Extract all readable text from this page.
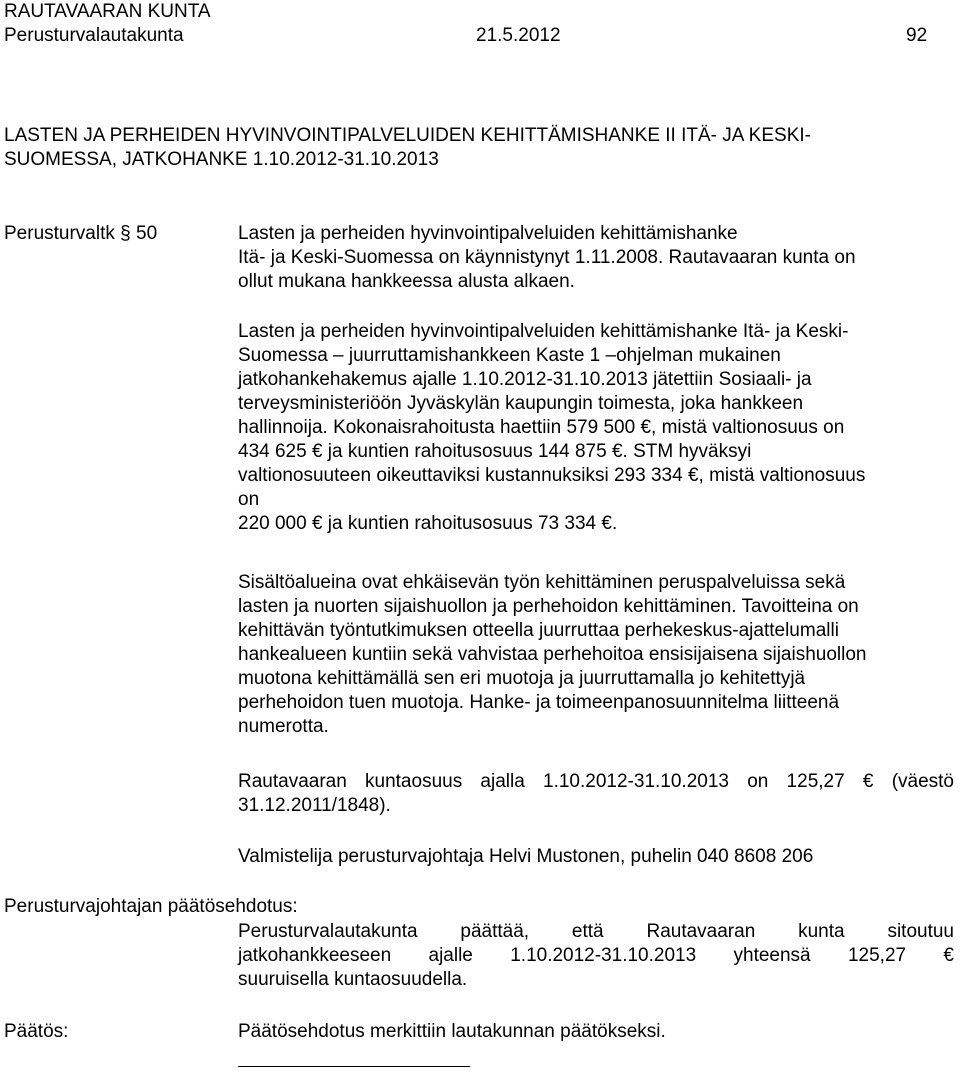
RAUTAVAARAN KUNTA
Perusturvalautakunta	21.5.2012	92
LASTEN JA PERHEIDEN HYVINVOINTIPALVELUIDEN KEHITTÄMISHANKE II ITÄ- JA KESKI-
SUOMESSA, JATKOHANKE 1.10.2012-31.10.2013
Perusturvaltk § 50	Lasten ja perheiden hyvinvointipalveluiden kehittämishanke
Itä- ja Keski-Suomessa on käynnistynyt 1.11.2008. Rautavaaran kunta on
ollut mukana hankkeessa alusta alkaen.
Lasten ja perheiden hyvinvointipalveluiden kehittämishanke Itä- ja Keski-
Suomessa – juurruttamishankkeen Kaste 1 –ohjelman mukainen
jatkohankehakemus ajalle 1.10.2012-31.10.2013 jätettiin Sosiaali- ja
terveysministeriöön Jyväskylän kaupungin toimesta, joka hankkeen
hallinnoija. Kokonaisrahoitusta haettiin 579 500 €, mistä valtionosuus on
434 625 € ja kuntien rahoitusosuus 144 875 €. STM hyväksyi
valtionosuuteen oikeuttaviksi kustannuksiksi 293 334 €, mistä valtionosuus
on
220 000 € ja kuntien rahoitusosuus 73 334 €.
Sisältöalueina ovat ehkäisevän työn kehittäminen peruspalveluissa sekä
lasten ja nuorten sijaishuollon ja perhehoidon kehittäminen. Tavoitteina on
kehittävän työntutkimuksen otteella juurruttaa perhekeskus-ajattelumalli
hankealueen kuntiin sekä vahvistaa perhehoitoa ensisijaisena sijaishuollon
muotona kehittämällä sen eri muotoja ja juurruttamalla jo kehitettyjä
perhehoidon tuen muotoja. Hanke- ja toimeenpanosuunnitelma liitteenä
numerotta.
Rautavaaran kuntaosuus ajalla 1.10.2012-31.10.2013 on 125,27 € (väestö
31.12.2011/1848).
Valmistelija perusturvajohtaja Helvi Mustonen, puhelin 040 8608 206
Perusturvajohtajan päätösehdotus:
Perusturvalautakunta päättää, että Rautavaaran kunta sitoutuu
jatkohankkeeseen ajalle 1.10.2012-31.10.2013 yhteensä 125,27 €
suuruisella kuntaosuudella.
Päätös:	Päätösehdotus merkittiin lautakunnan päätökseksi.
